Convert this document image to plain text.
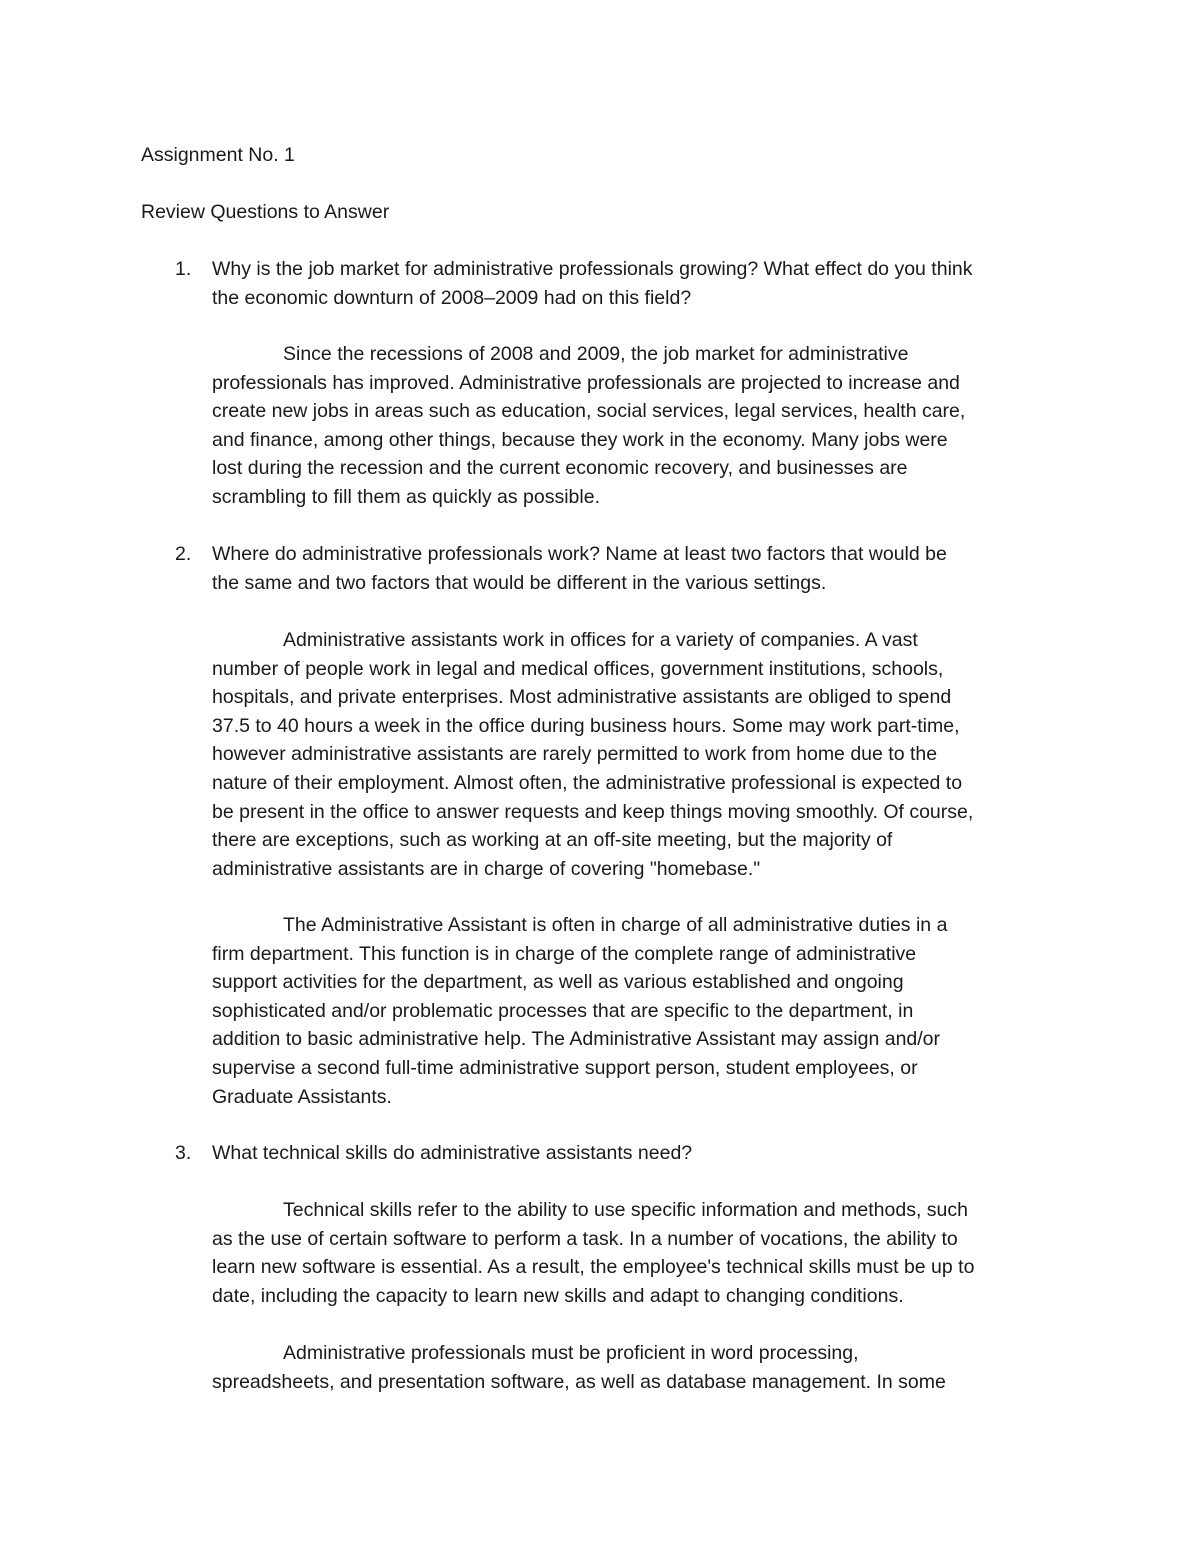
Assignment No. 1
Review Questions to Answer
1. Why is the job market for administrative professionals growing? What effect do you think
the economic downturn of 2008–2009 had on this field?
Since the recessions of 2008 and 2009, the job market for administrative
professionals has improved. Administrative professionals are projected to increase and
create new jobs in areas such as education, social services, legal services, health care,
and finance, among other things, because they work in the economy. Many jobs were
lost during the recession and the current economic recovery, and businesses are
scrambling to fill them as quickly as possible.
2. Where do administrative professionals work? Name at least two factors that would be
the same and two factors that would be different in the various settings.
Administrative assistants work in offices for a variety of companies. A vast
number of people work in legal and medical offices, government institutions, schools,
hospitals, and private enterprises. Most administrative assistants are obliged to spend
37.5 to 40 hours a week in the office during business hours. Some may work part-time,
however administrative assistants are rarely permitted to work from home due to the
nature of their employment. Almost often, the administrative professional is expected to
be present in the office to answer requests and keep things moving smoothly. Of course,
there are exceptions, such as working at an off-site meeting, but the majority of
administrative assistants are in charge of covering "homebase."
The Administrative Assistant is often in charge of all administrative duties in a
firm department. This function is in charge of the complete range of administrative
support activities for the department, as well as various established and ongoing
sophisticated and/or problematic processes that are specific to the department, in
addition to basic administrative help. The Administrative Assistant may assign and/or
supervise a second full-time administrative support person, student employees, or
Graduate Assistants.
3. What technical skills do administrative assistants need?
Technical skills refer to the ability to use specific information and methods, such
as the use of certain software to perform a task. In a number of vocations, the ability to
learn new software is essential. As a result, the employee's technical skills must be up to
date, including the capacity to learn new skills and adapt to changing conditions.
Administrative professionals must be proficient in word processing,
spreadsheets, and presentation software, as well as database management. In some
